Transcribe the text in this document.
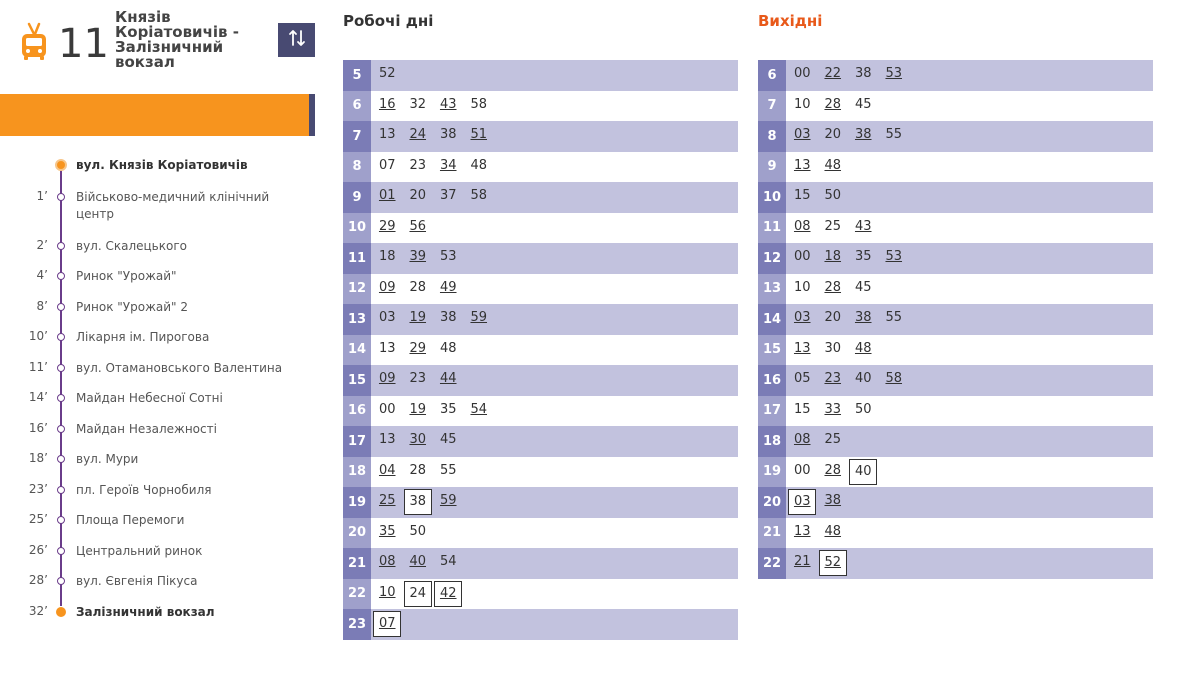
11
Князів Коріатовичів - Залізничний вокзал
вул. Князів Коріатовичів
1’ Військово-медичний клінічний центр
2’ вул. Скалецького
4’ Ринок "Урожай"
8’ Ринок "Урожай" 2
10’ Лікарня ім. Пирогова
11’ вул. Отамановського Валентина
14’ Майдан Небесної Сотні
16’ Майдан Незалежності
18’ вул. Мури
23’ пл. Героїв Чорнобиля
25’ Площа Перемоги
26’ Центральний ринок
28’ вул. Євгенія Пікуса
32’ Залізничний вокзал
Робочі дні	Вихідні
5	52
6	16	32	43	58
7	13	24	38	51
8	07	23	34	48
9	01	20	37	58
10 29	56
11 18	39	53
12 09	28	49
13 03	19	38	59
14 13	29	48
15 09	23	44
16 00	19	35	54
17 13	30	45
18 04	28	55
19 25	38	59
20 35	50
21 08	40	54
22 10	24	42
23 07
6	00	22	38	53
7	10	28	45
8	03	20	38	55
9	13	48
10 15	50
11 08	25	43
12 00	18	35	53
13 10	28	45
14 03	20	38	55
15 13	30	48
16 05	23	40	58
17 15	33	50
18 08	25
19 00	28	40
20 03	38
21 13	48
22 21	52
